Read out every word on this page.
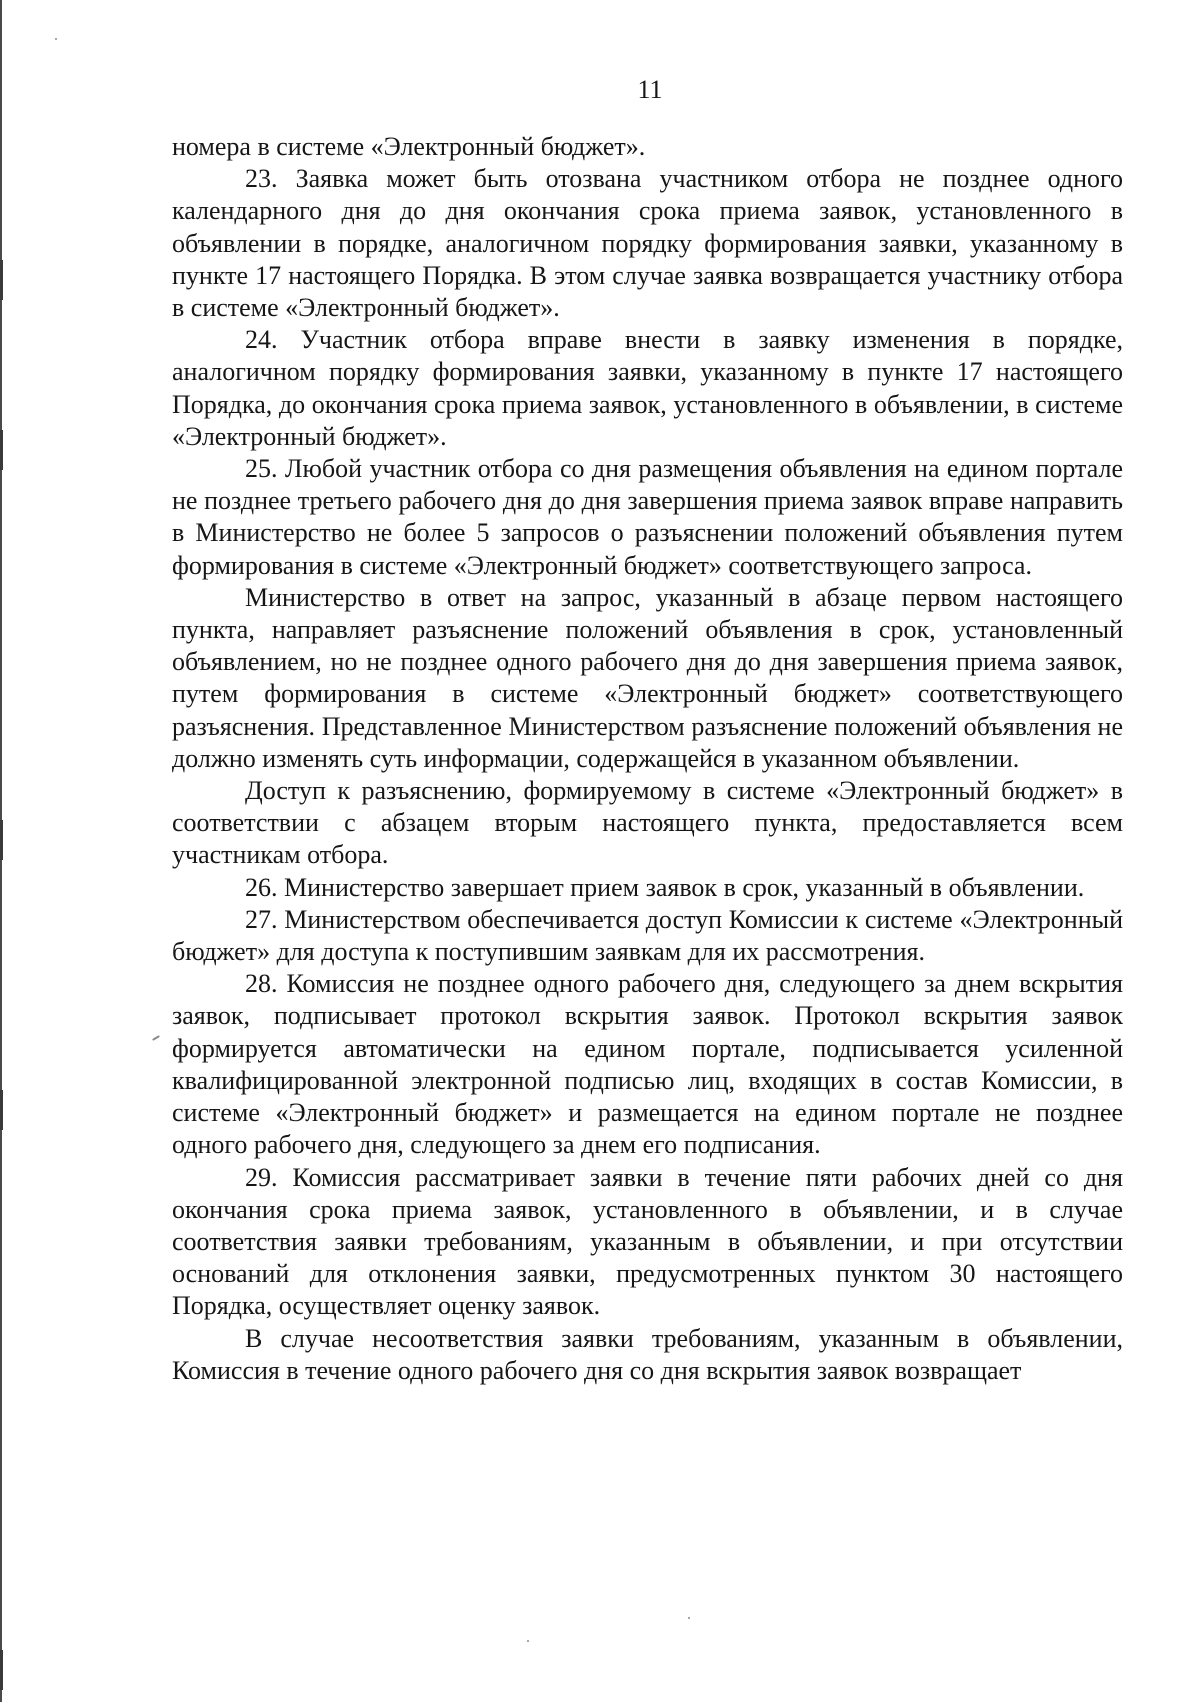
11

номера в системе «Электронный бюджет».

23. Заявка может быть отозвана участником отбора не позднее одного календарного дня до дня окончания срока приема заявок, установленного в объявлении в порядке, аналогичном порядку формирования заявки, указанному в пункте 17 настоящего Порядка. В этом случае заявка возвращается участнику отбора в системе «Электронный бюджет».

24. Участник отбора вправе внести в заявку изменения в порядке, аналогичном порядку формирования заявки, указанному в пункте 17 настоящего Порядка, до окончания срока приема заявок, установленного в объявлении, в системе «Электронный бюджет».

25. Любой участник отбора со дня размещения объявления на едином портале не позднее третьего рабочего дня до дня завершения приема заявок вправе направить в Министерство не более 5 запросов о разъяснении положений объявления путем формирования в системе «Электронный бюджет» соответствующего запроса.

Министерство в ответ на запрос, указанный в абзаце первом настоящего пункта, направляет разъяснение положений объявления в срок, установленный объявлением, но не позднее одного рабочего дня до дня завершения приема заявок, путем формирования в системе «Электронный бюджет» соответствующего разъяснения. Представленное Министерством разъяснение положений объявления не должно изменять суть информации, содержащейся в указанном объявлении.

Доступ к разъяснению, формируемому в системе «Электронный бюджет» в соответствии с абзацем вторым настоящего пункта, предоставляется всем участникам отбора.

26. Министерство завершает прием заявок в срок, указанный в объявлении.

27. Министерством обеспечивается доступ Комиссии к системе «Электронный бюджет» для доступа к поступившим заявкам для их рассмотрения.

28. Комиссия не позднее одного рабочего дня, следующего за днем вскрытия заявок, подписывает протокол вскрытия заявок. Протокол вскрытия заявок формируется автоматически на едином портале, подписывается усиленной квалифицированной электронной подписью лиц, входящих в состав Комиссии, в системе «Электронный бюджет» и размещается на едином портале не позднее одного рабочего дня, следующего за днем его подписания.

29. Комиссия рассматривает заявки в течение пяти рабочих дней со дня окончания срока приема заявок, установленного в объявлении, и в случае соответствия заявки требованиям, указанным в объявлении, и при отсутствии оснований для отклонения заявки, предусмотренных пунктом 30 настоящего Порядка, осуществляет оценку заявок.

В случае несоответствия заявки требованиям, указанным в объявлении, Комиссия в течение одного рабочего дня со дня вскрытия заявок возвращает
